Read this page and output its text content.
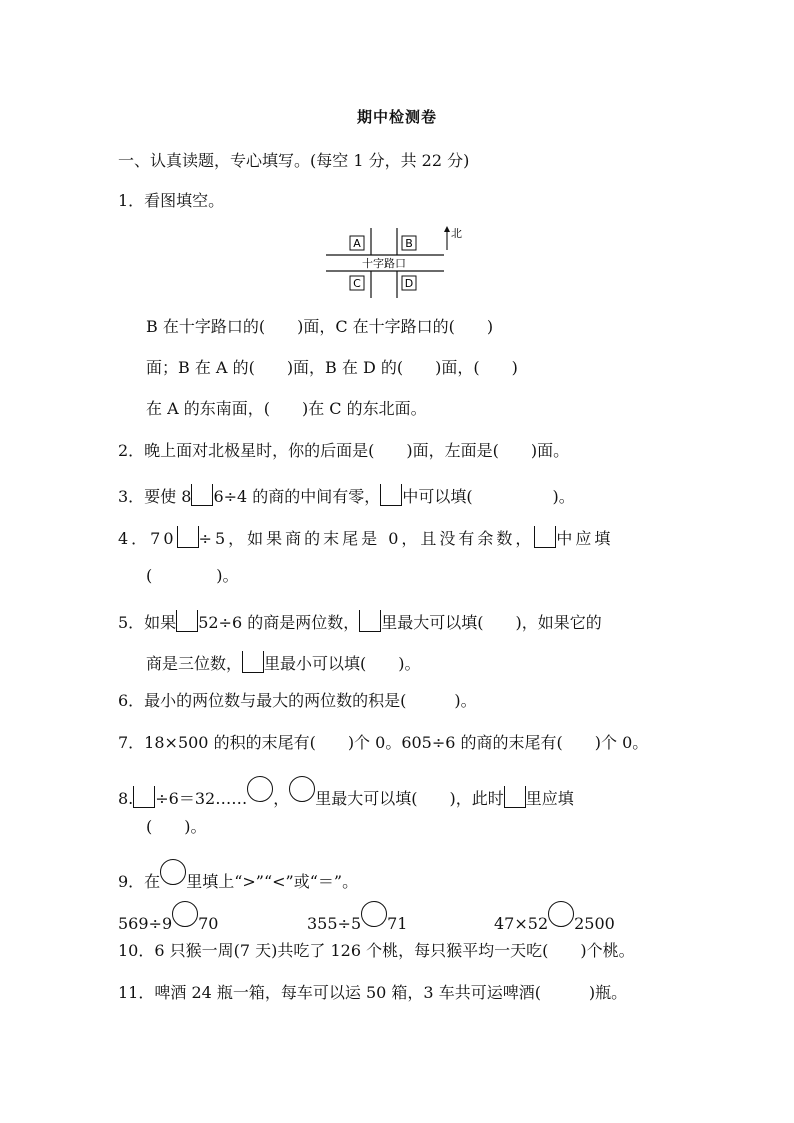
期中检测卷
一、认真读题，专心填写。(每空 1 分，共 22 分)
1．看图填空。
A	B
C	D
十字路口
北
B 在十字路口的(　　)面，C 在十字路口的(　　)
面；B 在 A 的(　　)面，B 在 D 的(　　)面，(　　)
在 A 的东南面，(　　)在 C 的东北面。
2．晚上面对北极星时，你的后面是(　　)面，左面是(　　)面。
3．要使 8 6÷4 的商的中间有零， 中可以填(　　　　　)。
4．70 ÷5，如果商的末尾是 0，且没有余数， 中应填
(　　　　)。
5．如果 52÷6 的商是两位数， 里最大可以填(　　)，如果它的
商是三位数， 里最小可以填(　　)。
6．最小的两位数与最大的两位数的积是(　　　)。
7．18×500 的积的末尾有(　　)个 0。605÷6 的商的末尾有(　　)个 0。
8. ÷6＝32…… ， 里最大可以填(　　)，此时 里应填
(　　)。
9．在 里填上“>”“<”或“＝”。
569÷9 70	355÷5 71	47×52 2500
10．6 只猴一周(7 天)共吃了 126 个桃，每只猴平均一天吃(　　)个桃。
11．啤酒 24 瓶一箱，每车可以运 50 箱，3 车共可运啤酒(　　　)瓶。
